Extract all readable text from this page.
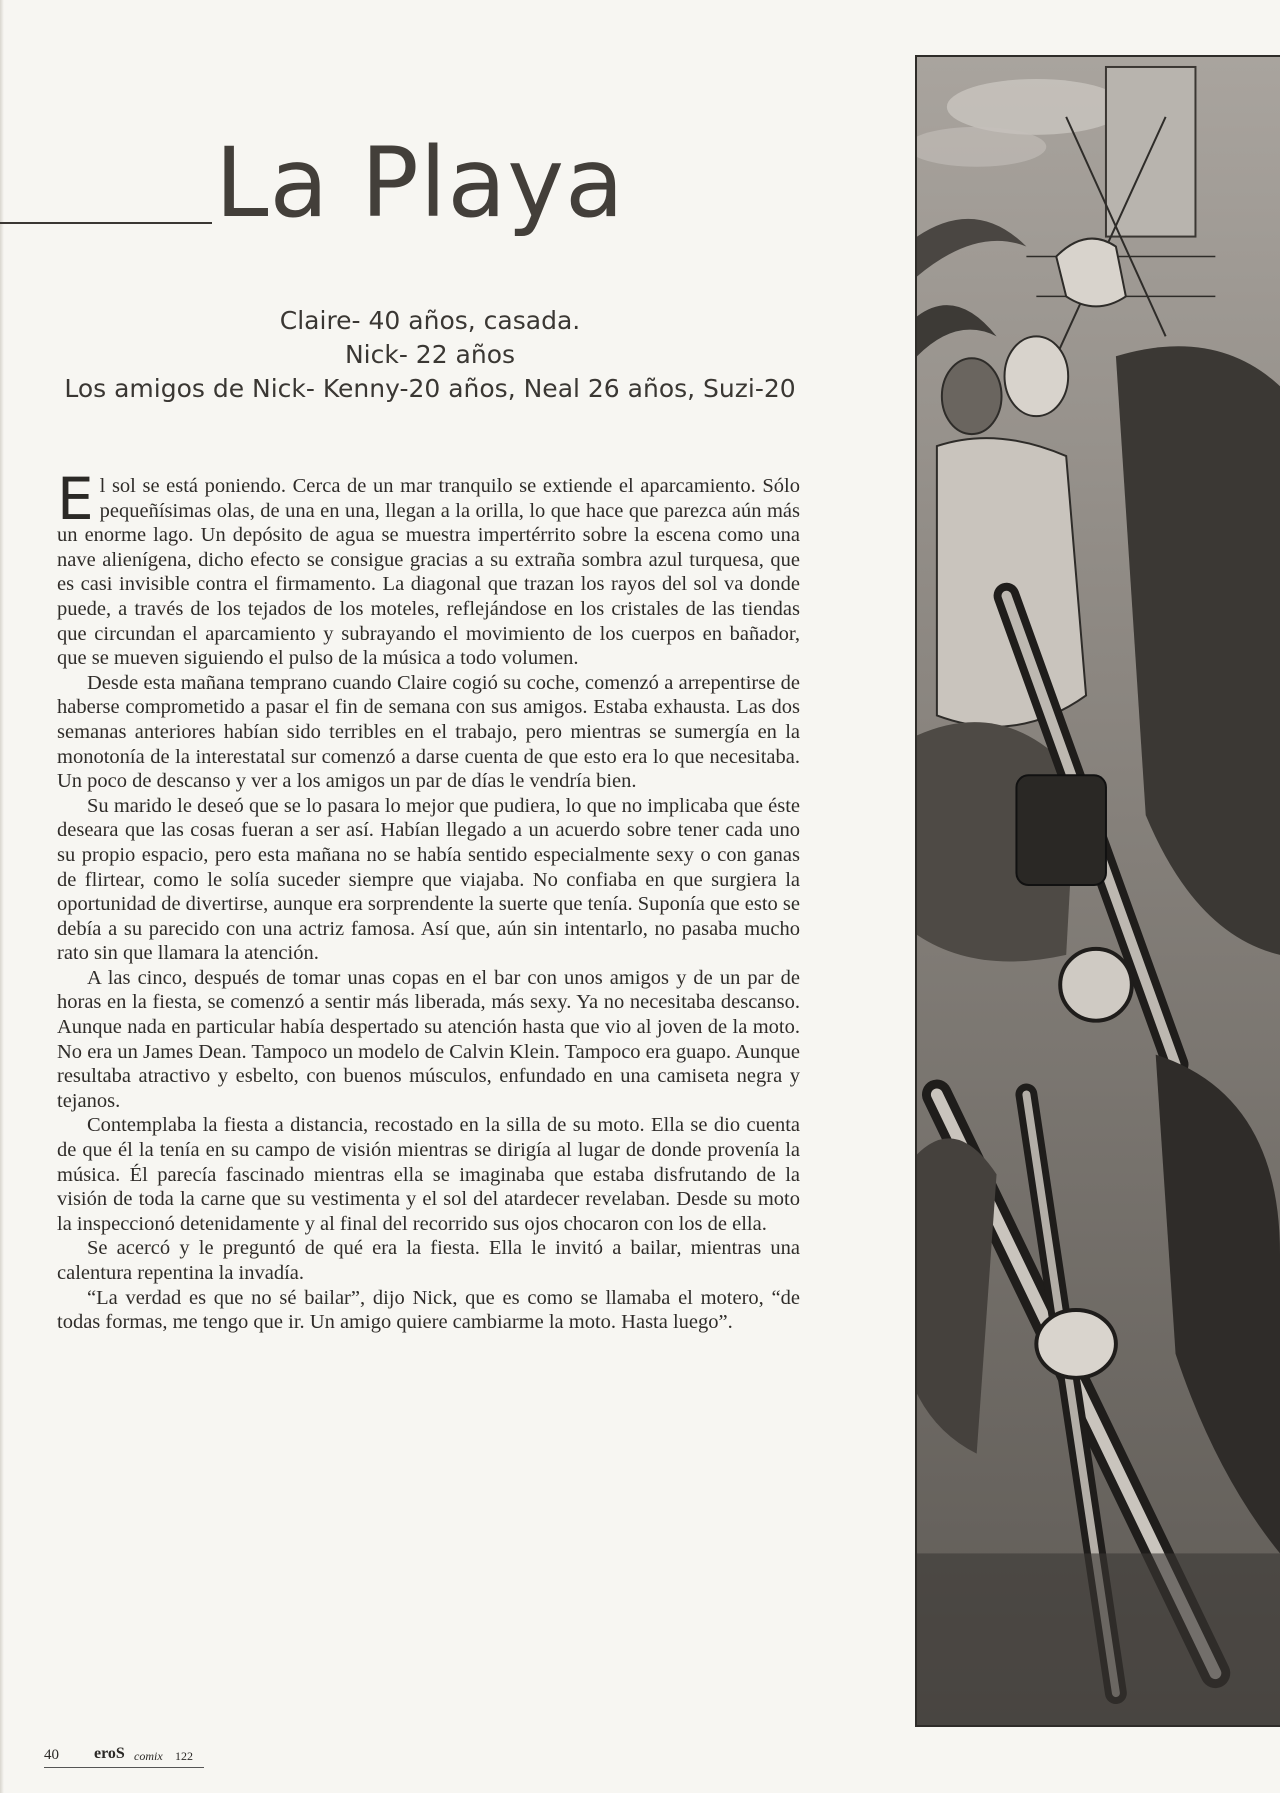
La Playa
Claire- 40 años, casada.
Nick- 22 años
Los amigos de Nick- Kenny-20 años, Neal 26 años, Suzi-20

El sol se está poniendo. Cerca de un mar tranquilo se extiende el aparcamiento. Sólo pequeñísimas olas, de una en una, llegan a la orilla, lo que hace que parezca aún más un enorme lago. Un depósito de agua se muestra impertérrito sobre la escena como una nave alienígena, dicho efecto se consigue gracias a su extraña sombra azul turquesa, que es casi invisible contra el firmamento. La diagonal que trazan los rayos del sol va donde puede, a través de los tejados de los moteles, reflejándose en los cristales de las tiendas que circundan el aparcamiento y subrayando el movimiento de los cuerpos en bañador, que se mueven siguiendo el pulso de la música a todo volumen.

Desde esta mañana temprano cuando Claire cogió su coche, comenzó a arrepentirse de haberse comprometido a pasar el fin de semana con sus amigos. Estaba exhausta. Las dos semanas anteriores habían sido terribles en el trabajo, pero mientras se sumergía en la monotonía de la interestatal sur comenzó a darse cuenta de que esto era lo que necesitaba. Un poco de descanso y ver a los amigos un par de días le vendría bien.

Su marido le deseó que se lo pasara lo mejor que pudiera, lo que no implicaba que éste deseara que las cosas fueran a ser así. Habían llegado a un acuerdo sobre tener cada uno su propio espacio, pero esta mañana no se había sentido especialmente sexy o con ganas de flirtear, como le solía suceder siempre que viajaba. No confiaba en que surgiera la oportunidad de divertirse, aunque era sorprendente la suerte que tenía. Suponía que esto se debía a su parecido con una actriz famosa. Así que, aún sin intentarlo, no pasaba mucho rato sin que llamara la atención.

A las cinco, después de tomar unas copas en el bar con unos amigos y de un par de horas en la fiesta, se comenzó a sentir más liberada, más sexy. Ya no necesitaba descanso. Aunque nada en particular había despertado su atención hasta que vio al joven de la moto. No era un James Dean. Tampoco un modelo de Calvin Klein. Tampoco era guapo. Aunque resultaba atractivo y esbelto, con buenos músculos, enfundado en una camiseta negra y tejanos.

Contemplaba la fiesta a distancia, recostado en la silla de su moto. Ella se dio cuenta de que él la tenía en su campo de visión mientras se dirigía al lugar de donde provenía la música. Él parecía fascinado mientras ella se imaginaba que estaba disfrutando de la visión de toda la carne que su vestimenta y el sol del atardecer revelaban. Desde su moto la inspeccionó detenidamente y al final del recorrido sus ojos chocaron con los de ella.

Se acercó y le preguntó de qué era la fiesta. Ella le invitó a bailar, mientras una calentura repentina la invadía.

“La verdad es que no sé bailar”, dijo Nick, que es como se llamaba el motero, “de todas formas, me tengo que ir. Un amigo quiere cambiarme la moto. Hasta luego”.

40 eroS comix 122
